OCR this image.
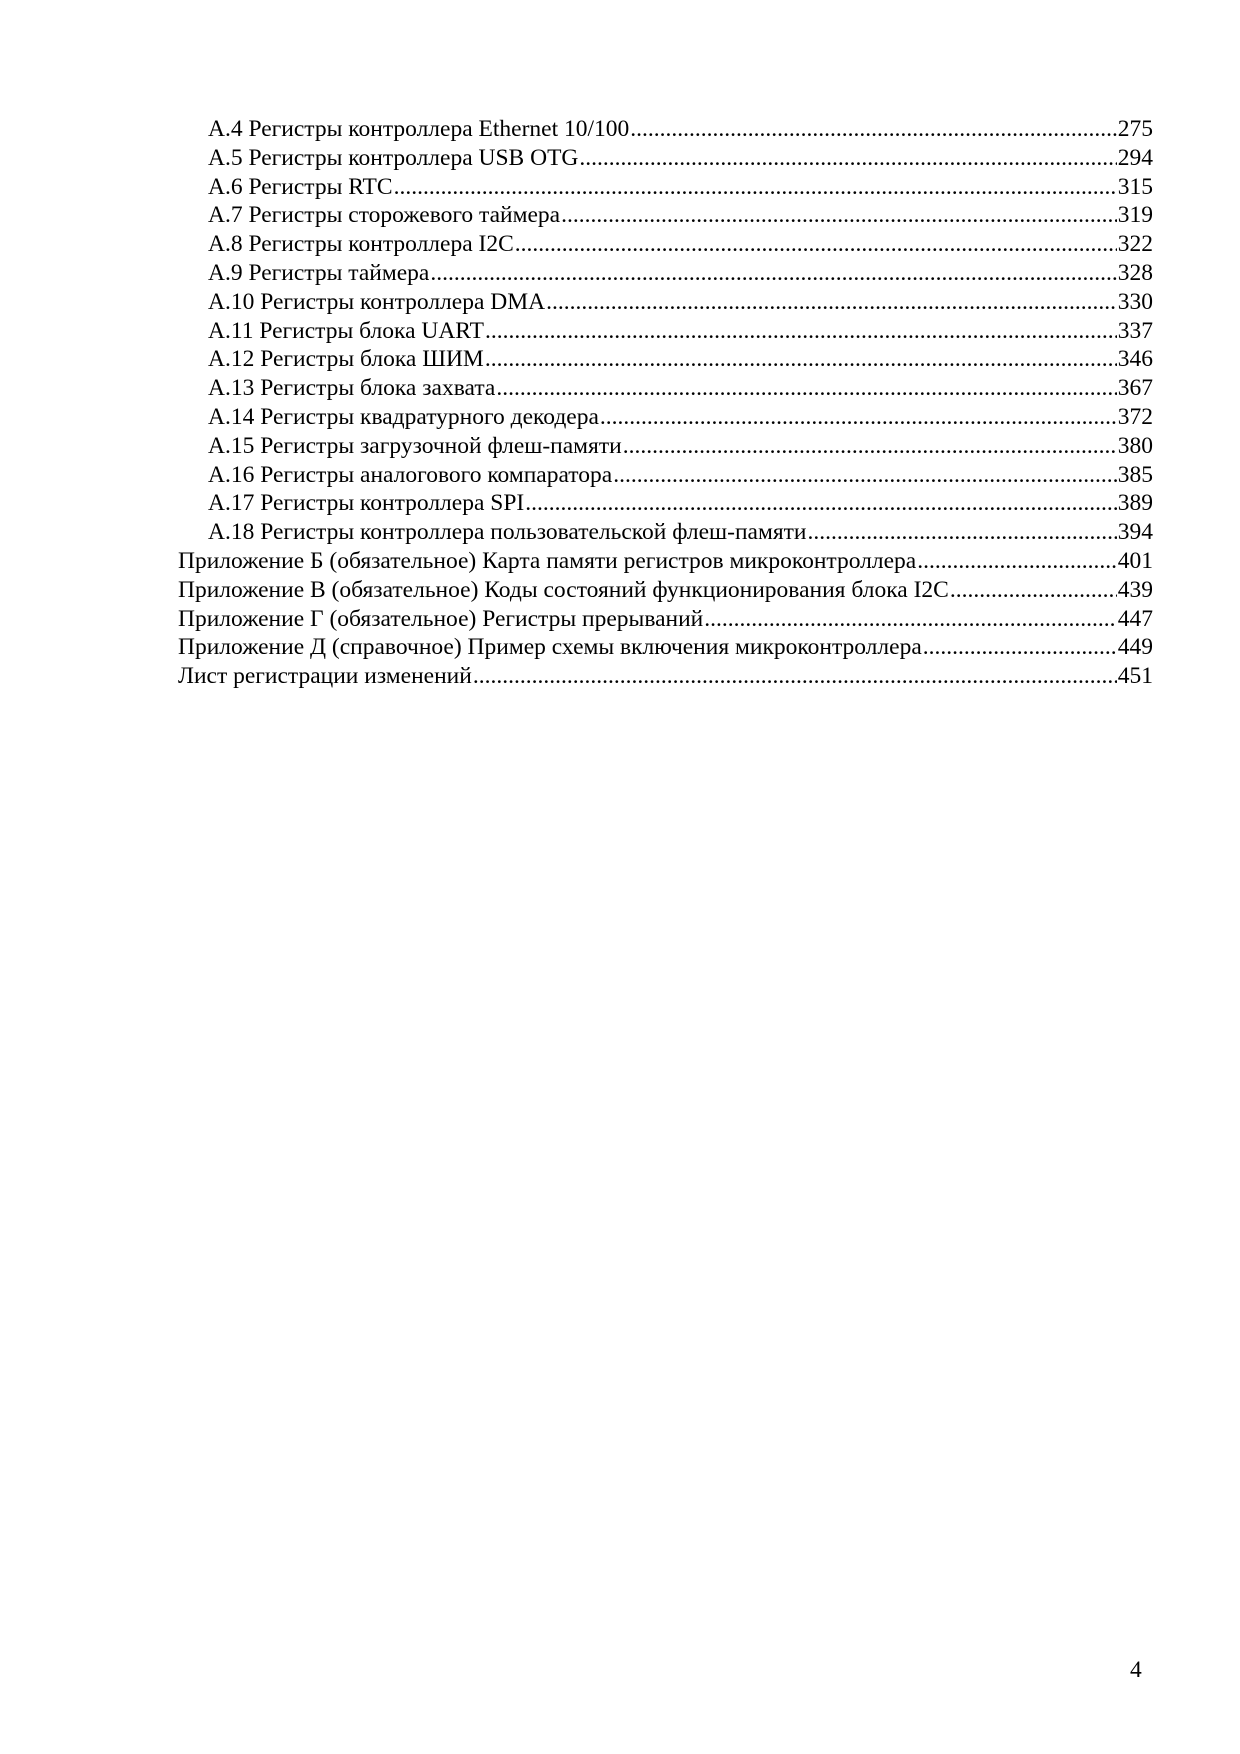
А.4 Регистры контроллера Ethernet 10/100 .....	275
А.5 Регистры контроллера USB OTG .....	294
А.6 Регистры RTC .....	315
А.7 Регистры сторожевого таймера .....	319
А.8 Регистры контроллера I2C .....	322
А.9 Регистры таймера .....	328
А.10 Регистры контроллера DMA .....	330
А.11 Регистры блока UART .....	337
А.12 Регистры блока ШИМ .....	346
А.13 Регистры блока захвата .....	367
А.14 Регистры квадратурного декодера .....	372
А.15 Регистры загрузочной флеш-памяти .....	380
А.16 Регистры аналогового компаратора .....	385
А.17 Регистры контроллера SPI .....	389
А.18 Регистры контроллера пользовательской флеш-памяти .....	394
Приложение Б (обязательное) Карта памяти регистров микроконтроллера .....	401
Приложение В (обязательное) Коды состояний функционирования блока I2C .....	439
Приложение Г (обязательное) Регистры прерываний .....	447
Приложение Д (справочное) Пример схемы включения микроконтроллера .....	449
Лист регистрации изменений .....	451
4
